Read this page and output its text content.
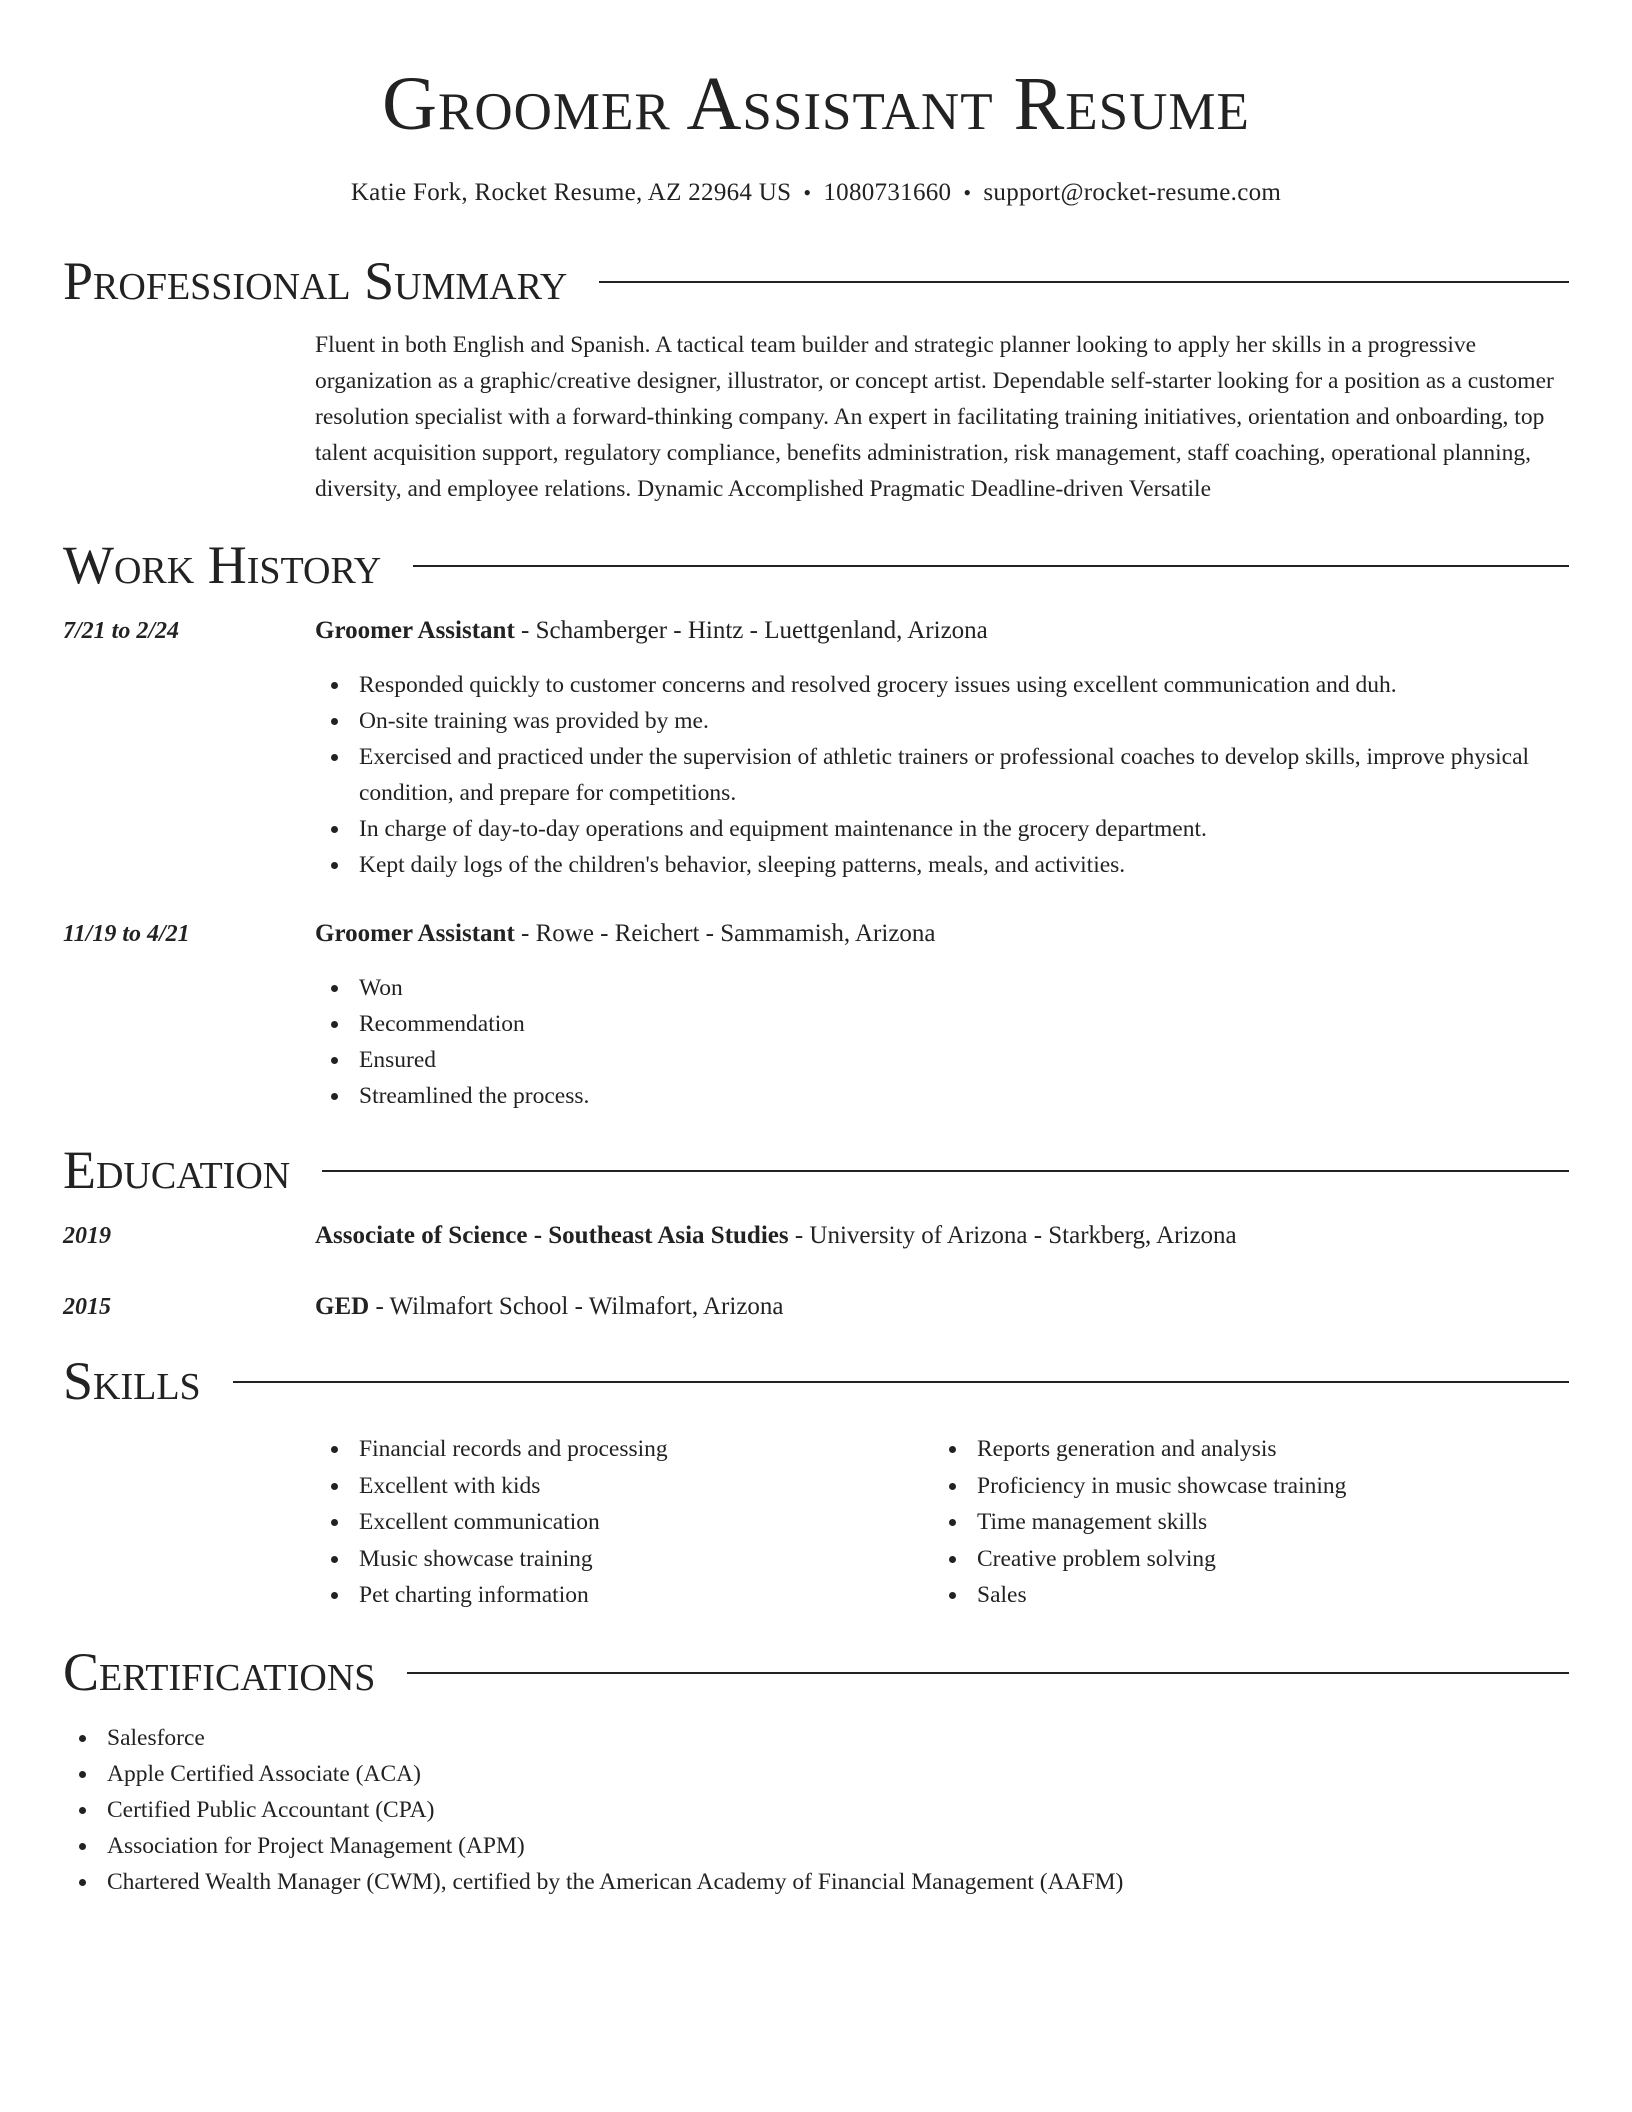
Groomer Assistant Resume
Katie Fork, Rocket Resume, AZ 22964 US • 1080731660 • support@rocket-resume.com
Professional Summary
Fluent in both English and Spanish. A tactical team builder and strategic planner looking to apply her skills in a progressive organization as a graphic/creative designer, illustrator, or concept artist. Dependable self-starter looking for a position as a customer resolution specialist with a forward-thinking company. An expert in facilitating training initiatives, orientation and onboarding, top talent acquisition support, regulatory compliance, benefits administration, risk management, staff coaching, operational planning, diversity, and employee relations. Dynamic Accomplished Pragmatic Deadline-driven Versatile
Work History
7/21 to 2/24	Groomer Assistant - Schamberger - Hintz - Luettgenland, Arizona
Responded quickly to customer concerns and resolved grocery issues using excellent communication and duh.
On-site training was provided by me.
Exercised and practiced under the supervision of athletic trainers or professional coaches to develop skills, improve physical condition, and prepare for competitions.
In charge of day-to-day operations and equipment maintenance in the grocery department.
Kept daily logs of the children's behavior, sleeping patterns, meals, and activities.
11/19 to 4/21	Groomer Assistant - Rowe - Reichert - Sammamish, Arizona
Won
Recommendation
Ensured
Streamlined the process.
Education
2019	Associate of Science - Southeast Asia Studies - University of Arizona - Starkberg, Arizona
2015	GED - Wilmafort School - Wilmafort, Arizona
Skills
Financial records and processing
Excellent with kids
Excellent communication
Music showcase training
Pet charting information
Reports generation and analysis
Proficiency in music showcase training
Time management skills
Creative problem solving
Sales
Certifications
Salesforce
Apple Certified Associate (ACA)
Certified Public Accountant (CPA)
Association for Project Management (APM)
Chartered Wealth Manager (CWM), certified by the American Academy of Financial Management (AAFM)
